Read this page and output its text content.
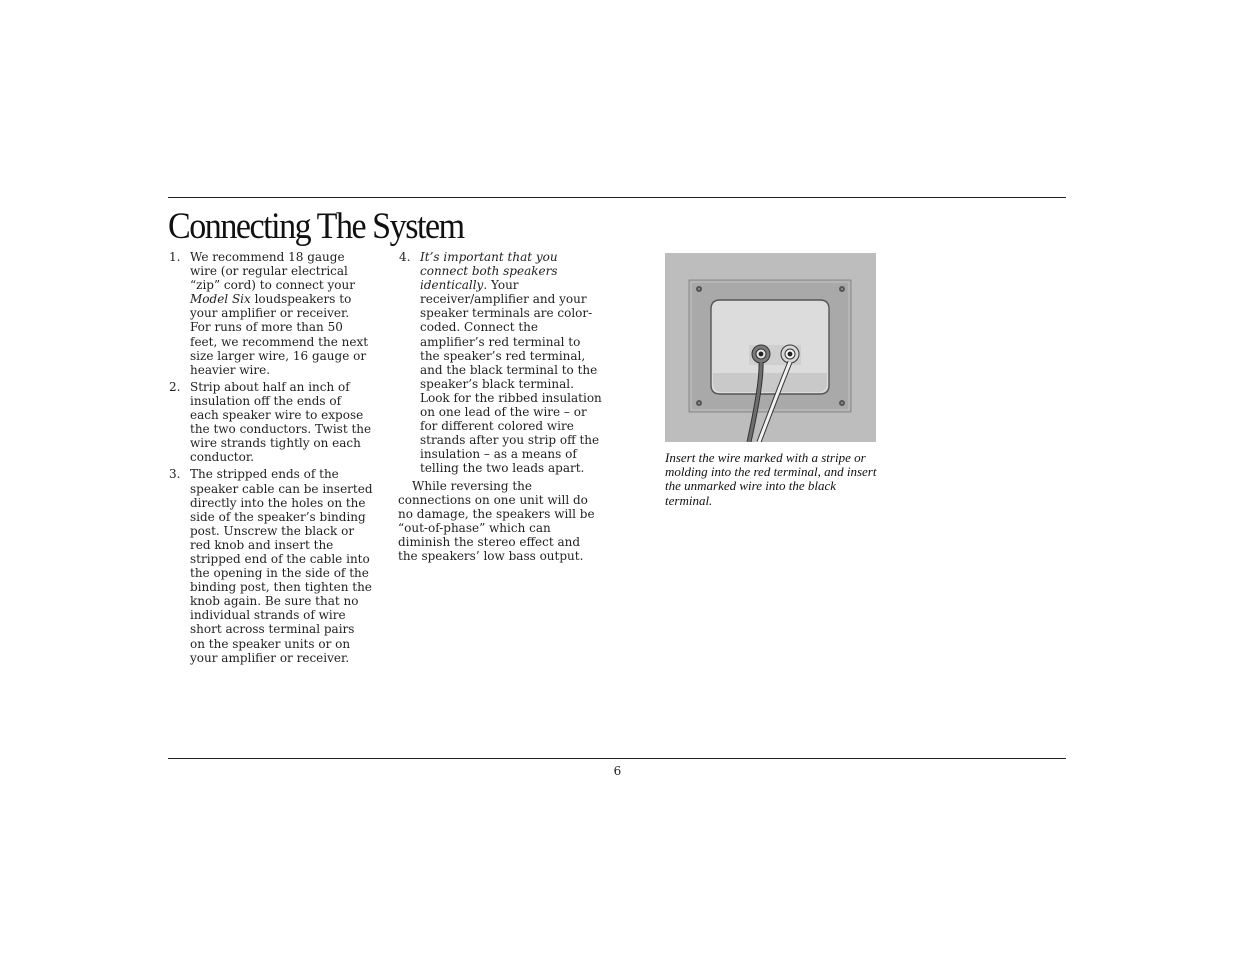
Connecting The System
1. We recommend 18 gauge wire (or regular electrical “zip” cord) to connect your Model Six loudspeakers to your amplifier or receiver. For runs of more than 50 feet, we recommend the next size larger wire, 16 gauge or heavier wire.
2. Strip about half an inch of insulation off the ends of each speaker wire to expose the two conductors. Twist the wire strands tightly on each conductor.
3. The stripped ends of the speaker cable can be inserted directly into the holes on the side of the speaker’s binding post. Unscrew the black or red knob and insert the stripped end of the cable into the opening in the side of the binding post, then tighten the knob again. Be sure that no individual strands of wire short across terminal pairs on the speaker units or on your amplifier or receiver.
4. It’s important that you connect both speakers identically. Your receiver/amplifier and your speaker terminals are color-coded. Connect the amplifier’s red terminal to the speaker’s red terminal, and the black terminal to the speaker’s black terminal. Look for the ribbed insulation on one lead of the wire – or for different colored wire strands after you strip off the insulation – as a means of telling the two leads apart.

While reversing the connections on one unit will do no damage, the speakers will be “out-of-phase” which can diminish the stereo effect and the speakers’ low bass output.

Insert the wire marked with a stripe or molding into the red terminal, and insert the unmarked wire into the black terminal.

6
